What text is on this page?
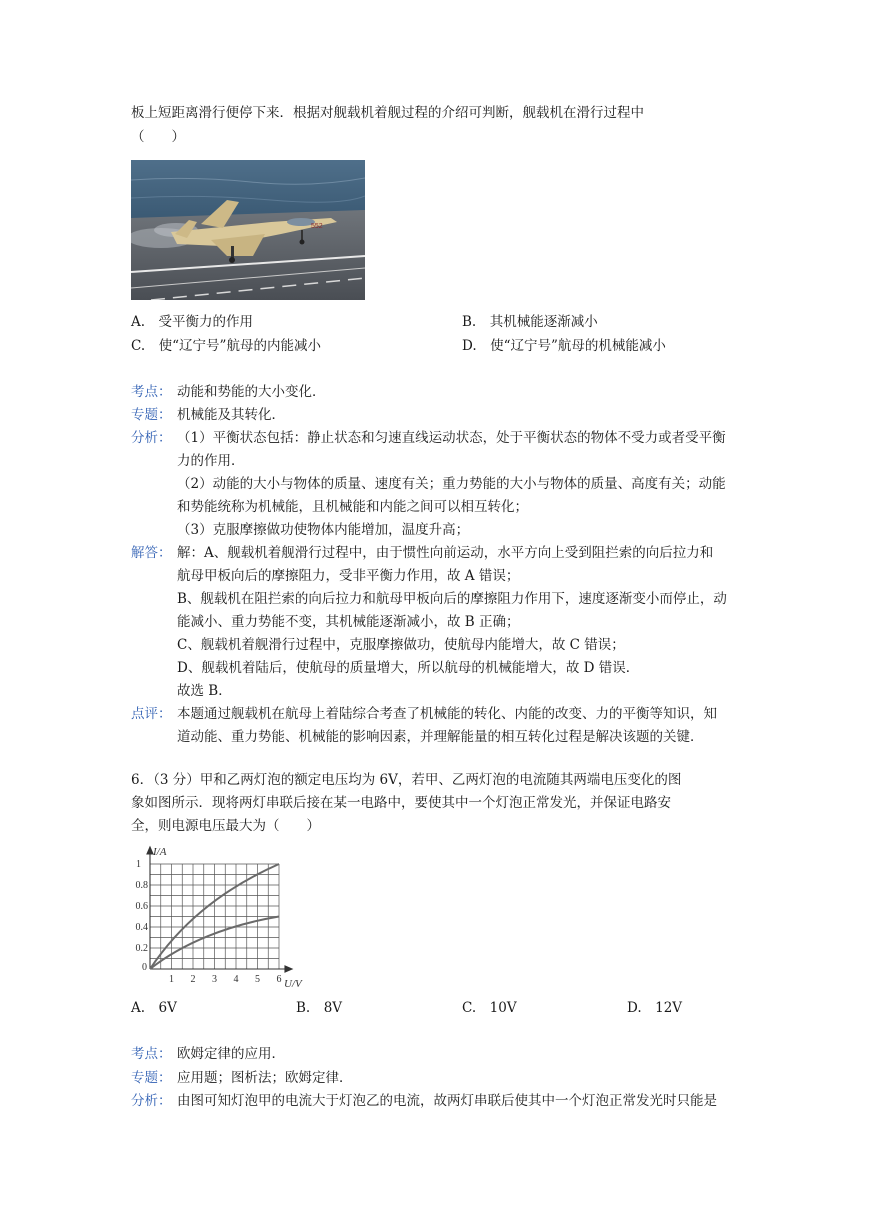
板上短距离滑行便停下来．根据对舰载机着舰过程的介绍可判断，舰载机在滑行过程中
（　　）
552
A.　受平衡力的作用	B.　其机械能逐渐减小
C.　使“辽宁号”航母的内能减小	D.　使“辽宁号”航母的机械能减小
考点： 动能和势能的大小变化．
专题： 机械能及其转化．
分析： （1）平衡状态包括：静止状态和匀速直线运动状态，处于平衡状态的物体不受力或者受平衡
力的作用．
（2）动能的大小与物体的质量、速度有关；重力势能的大小与物体的质量、高度有关；动能
和势能统称为机械能，且机械能和内能之间可以相互转化；
（3）克服摩擦做功使物体内能增加，温度升高；
解答： 解：A、舰载机着舰滑行过程中，由于惯性向前运动，水平方向上受到阻拦索的向后拉力和
航母甲板向后的摩擦阻力，受非平衡力作用，故 A 错误；
B、舰载机在阻拦索的向后拉力和航母甲板向后的摩擦阻力作用下，速度逐渐变小而停止，动
能减小、重力势能不变，其机械能逐渐减小，故 B 正确；
C、舰载机着舰滑行过程中，克服摩擦做功，使航母内能增大，故 C 错误；
D、舰载机着陆后，使航母的质量增大，所以航母的机械能增大，故 D 错误．
故选 B．
点评： 本题通过舰载机在航母上着陆综合考查了机械能的转化、内能的改变、力的平衡等知识，知
道动能、重力势能、机械能的影响因素，并理解能量的相互转化过程是解决该题的关键．
6．（3 分）甲和乙两灯泡的额定电压均为 6V，若甲、乙两灯泡的电流随其两端电压变化的图
象如图所示．现将两灯串联后接在某一电路中，要使其中一个灯泡正常发光，并保证电路安
全，则电源电压最大为（　　）
I/A
U/V
1
0.8
0.6
0.4
0.2
0
1 2 3 4 5 6
A.　6V	B.　8V	C.　10V	D.　12V
考点： 欧姆定律的应用．
专题： 应用题；图析法；欧姆定律．
分析： 由图可知灯泡甲的电流大于灯泡乙的电流，故两灯串联后使其中一个灯泡正常发光时只能是
